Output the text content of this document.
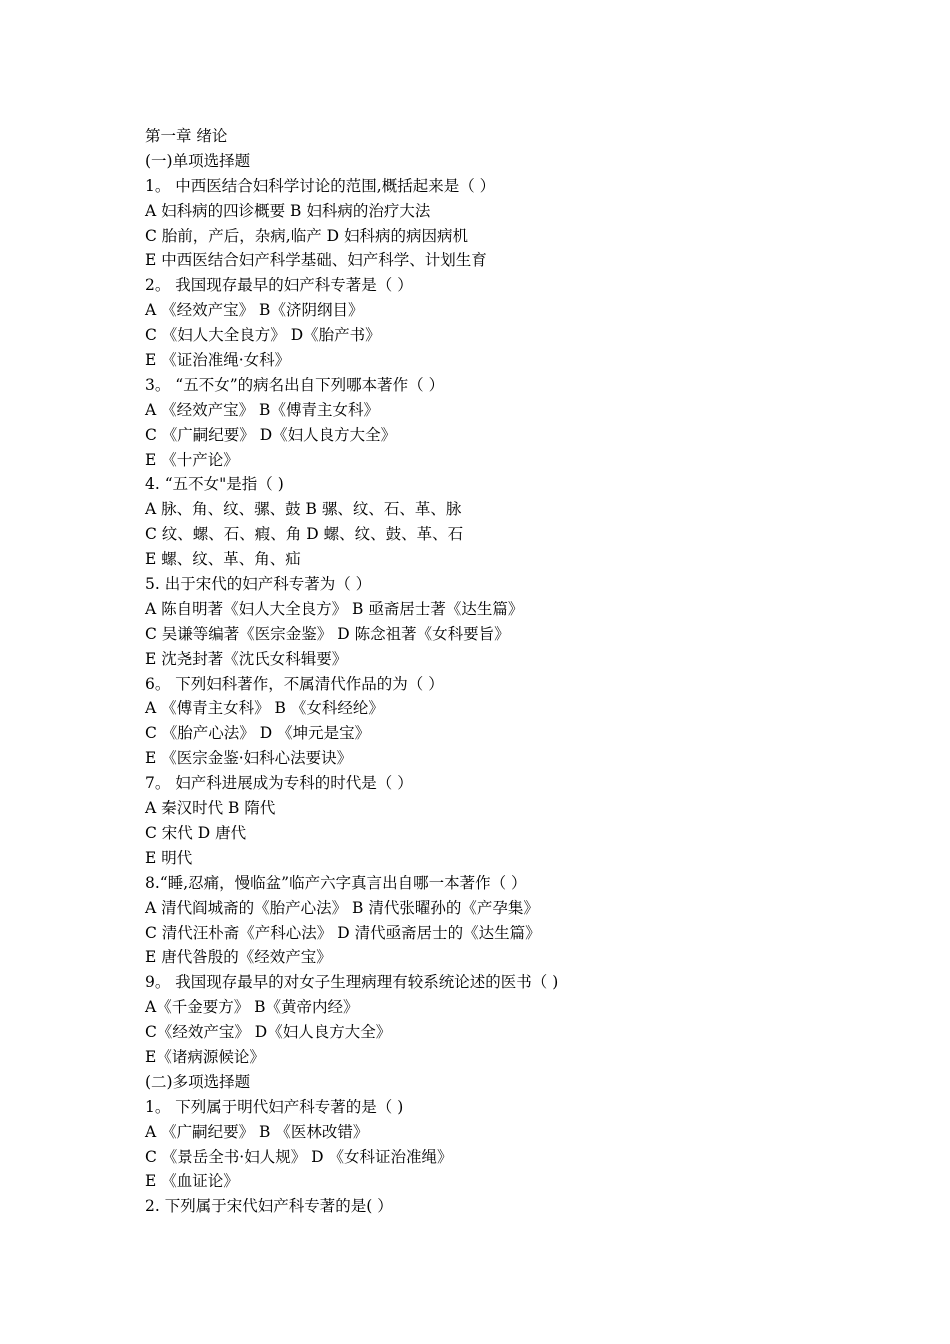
第一章 绪论
(一)单项选择题
1。 中西医结合妇科学讨论的范围,概括起来是（ ）
A 妇科病的四诊概要 B 妇科病的治疗大法
C 胎前，产后，杂病,临产 D 妇科病的病因病机
E 中西医结合妇产科学基础、妇产科学、计划生育
2。 我国现存最早的妇产科专著是（ ）
A 《经效产宝》 B《济阴纲目》
C 《妇人大全良方》 D《胎产书》
E 《证治准绳·女科》
3。 “五不女”的病名出自下列哪本著作（ ）
A 《经效产宝》 B《傅青主女科》
C 《广嗣纪要》 D《妇人良方大全》
E 《十产论》
4. “五不女"是指（ )
A 脉、角、纹、骡、鼓 B 骡、纹、石、革、脉
C 纹、螺、石、瘕、角 D 螺、纹、鼓、革、石
E 螺、纹、革、角、疝
5. 出于宋代的妇产科专著为（ ）
A 陈自明著《妇人大全良方》 B 亟斋居士著《达生篇》
C 吴谦等编著《医宗金鉴》 D 陈念祖著《女科要旨》
E 沈尧封著《沈氏女科辑要》
6。 下列妇科著作，不属清代作品的为（ ）
A 《傅青主女科》 B 《女科经纶》
C 《胎产心法》 D 《坤元是宝》
E 《医宗金鉴·妇科心法要诀》
7。 妇产科进展成为专科的时代是（ ）
A 秦汉时代 B 隋代
C 宋代 D 唐代
E 明代
8.“睡,忍痛，慢临盆”临产六字真言出自哪一本著作（ ）
A 清代阎城斋的《胎产心法》 B 清代张曜孙的《产孕集》
C 清代汪朴斋《产科心法》 D 清代亟斋居士的《达生篇》
E 唐代昝殷的《经效产宝》
9。 我国现存最早的对女子生理病理有较系统论述的医书（ )
A《千金要方》 B《黄帝内经》
C《经效产宝》 D《妇人良方大全》
E《诸病源候论》
(二)多项选择题
1。 下列属于明代妇产科专著的是（ )
A 《广嗣纪要》 B 《医林改错》
C 《景岳全书·妇人规》 D 《女科证治准绳》
E 《血证论》
2. 下列属于宋代妇产科专著的是( ）
